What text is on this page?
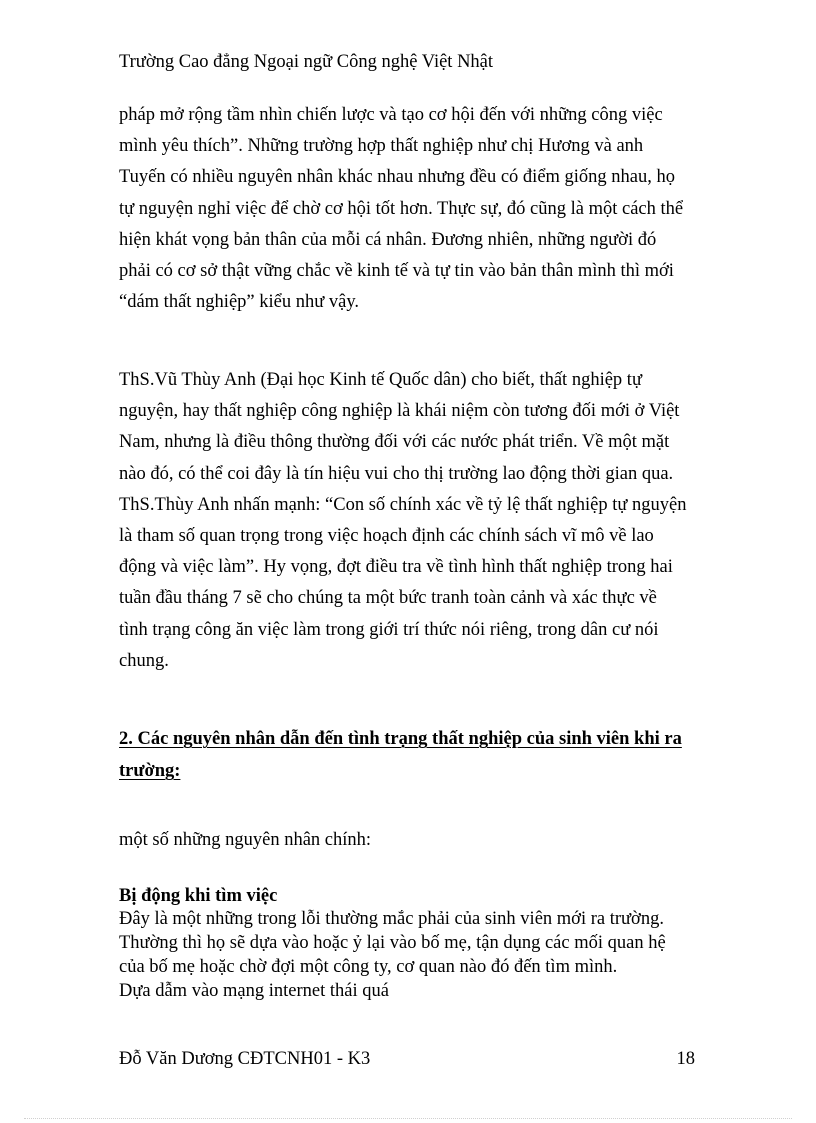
Trường Cao đẳng Ngoại ngữ Công nghệ Việt Nhật
pháp mở rộng tầm nhìn chiến lược và tạo cơ hội đến với những công việc
mình yêu thích”. Những trường hợp thất nghiệp như chị Hương và anh
Tuyến có nhiều nguyên nhân khác nhau nhưng đều có điểm giống nhau, họ
tự nguyện nghỉ việc để chờ cơ hội tốt hơn. Thực sự, đó cũng là một cách thể
hiện khát vọng bản thân của mỗi cá nhân. Đương nhiên, những người đó
phải có cơ sở thật vững chắc về kinh tế và tự tin vào bản thân mình thì mới
“dám thất nghiệp” kiểu như vậy.
ThS.Vũ Thùy Anh (Đại học Kinh tế Quốc dân) cho biết, thất nghiệp tự
nguyện, hay thất nghiệp công nghiệp là khái niệm còn tương đối mới ở Việt
Nam, nhưng là điều thông thường đối với các nước phát triển. Về một mặt
nào đó, có thể coi đây là tín hiệu vui cho thị trường lao động thời gian qua.
ThS.Thùy Anh nhấn mạnh: “Con số chính xác về tỷ lệ thất nghiệp tự nguyện
là tham số quan trọng trong việc hoạch định các chính sách vĩ mô về lao
động và việc làm”. Hy vọng, đợt điều tra về tình hình thất nghiệp trong hai
tuần đầu tháng 7 sẽ cho chúng ta một bức tranh toàn cảnh và xác thực về
tình trạng công ăn việc làm trong giới trí thức nói riêng, trong dân cư nói
chung.
2. Các nguyên nhân dẫn đến tình trạng thất nghiệp của sinh viên khi ra
trường:

một số những nguyên nhân chính:

Bị động khi tìm việc
Đây là một những trong lỗi thường mắc phải của sinh viên mới ra trường.
Thường thì họ sẽ dựa vào hoặc ỷ lại vào bố mẹ, tận dụng các mối quan hệ
của bố mẹ hoặc chờ đợi một công ty, cơ quan nào đó đến tìm mình.
Dựa dẫm vào mạng internet thái quá
Đỗ Văn Dương CĐTCNH01 - K3	18
